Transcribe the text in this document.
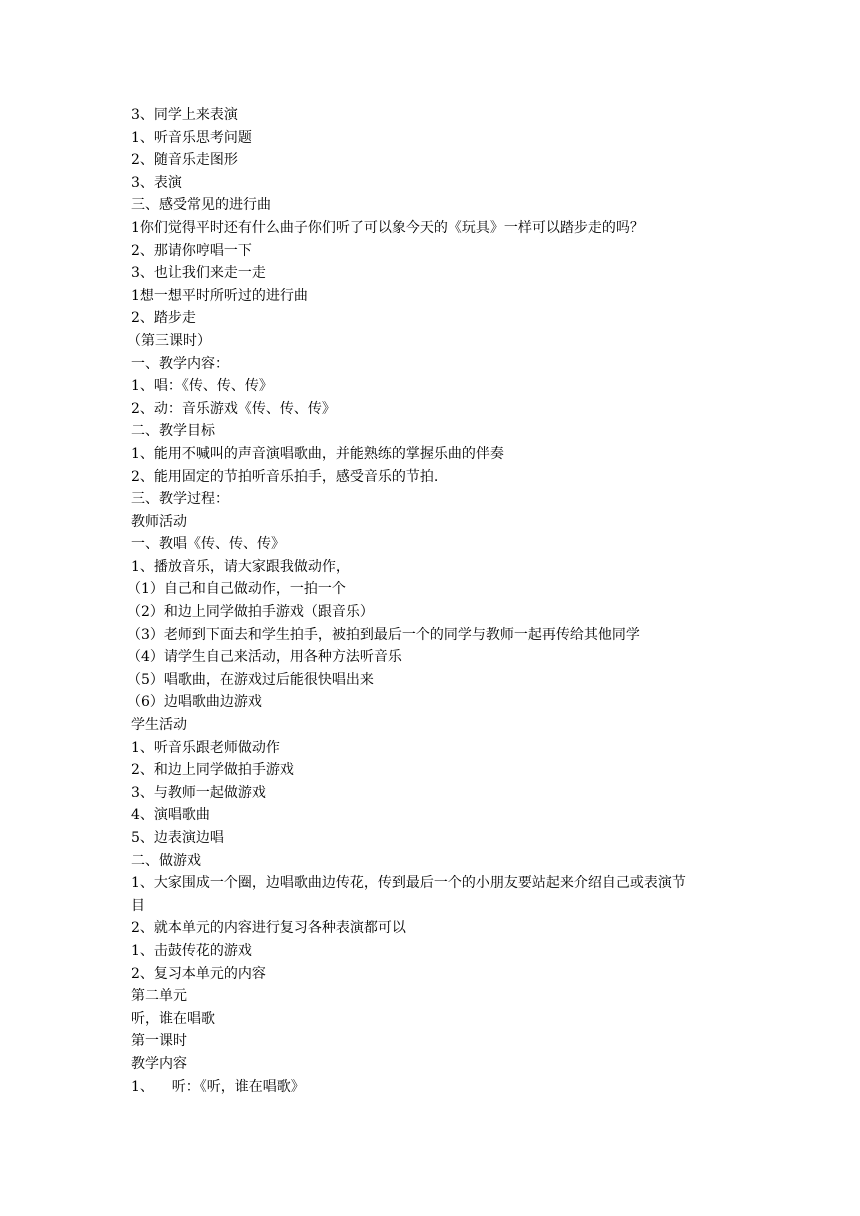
3、同学上来表演

1、听音乐思考问题

2、随音乐走图形

3、表演

三、感受常见的进行曲

1你们觉得平时还有什么曲子你们听了可以象今天的《玩具》一样可以踏步走的吗？

2、那请你哼唱一下

3、也让我们来走一走

1想一想平时所听过的进行曲

2、踏步走

（第三课时）

一、教学内容：

1、唱：《传、传、传》

2、动：音乐游戏《传、传、传》

二、教学目标

1、能用不喊叫的声音演唱歌曲，并能熟练的掌握乐曲的伴奏

2、能用固定的节拍听音乐拍手，感受音乐的节拍.

三、教学过程：

教师活动

一、教唱《传、传、传》

1、播放音乐，请大家跟我做动作，

（1）自己和自己做动作，一拍一个

（2）和边上同学做拍手游戏（跟音乐）

（3）老师到下面去和学生拍手，被拍到最后一个的同学与教师一起再传给其他同学

（4）请学生自己来活动，用各种方法听音乐

（5）唱歌曲，在游戏过后能很快唱出来

（6）边唱歌曲边游戏

学生活动

1、听音乐跟老师做动作

2、和边上同学做拍手游戏

3、与教师一起做游戏

4、演唱歌曲

5、边表演边唱

二、做游戏

1、大家围成一个圈，边唱歌曲边传花，传到最后一个的小朋友要站起来介绍自己或表演节

目

2、就本单元的内容进行复习各种表演都可以

1、击鼓传花的游戏

2、复习本单元的内容

第二单元

听，谁在唱歌

第一课时

教学内容

1、    听：《听，谁在唱歌》
